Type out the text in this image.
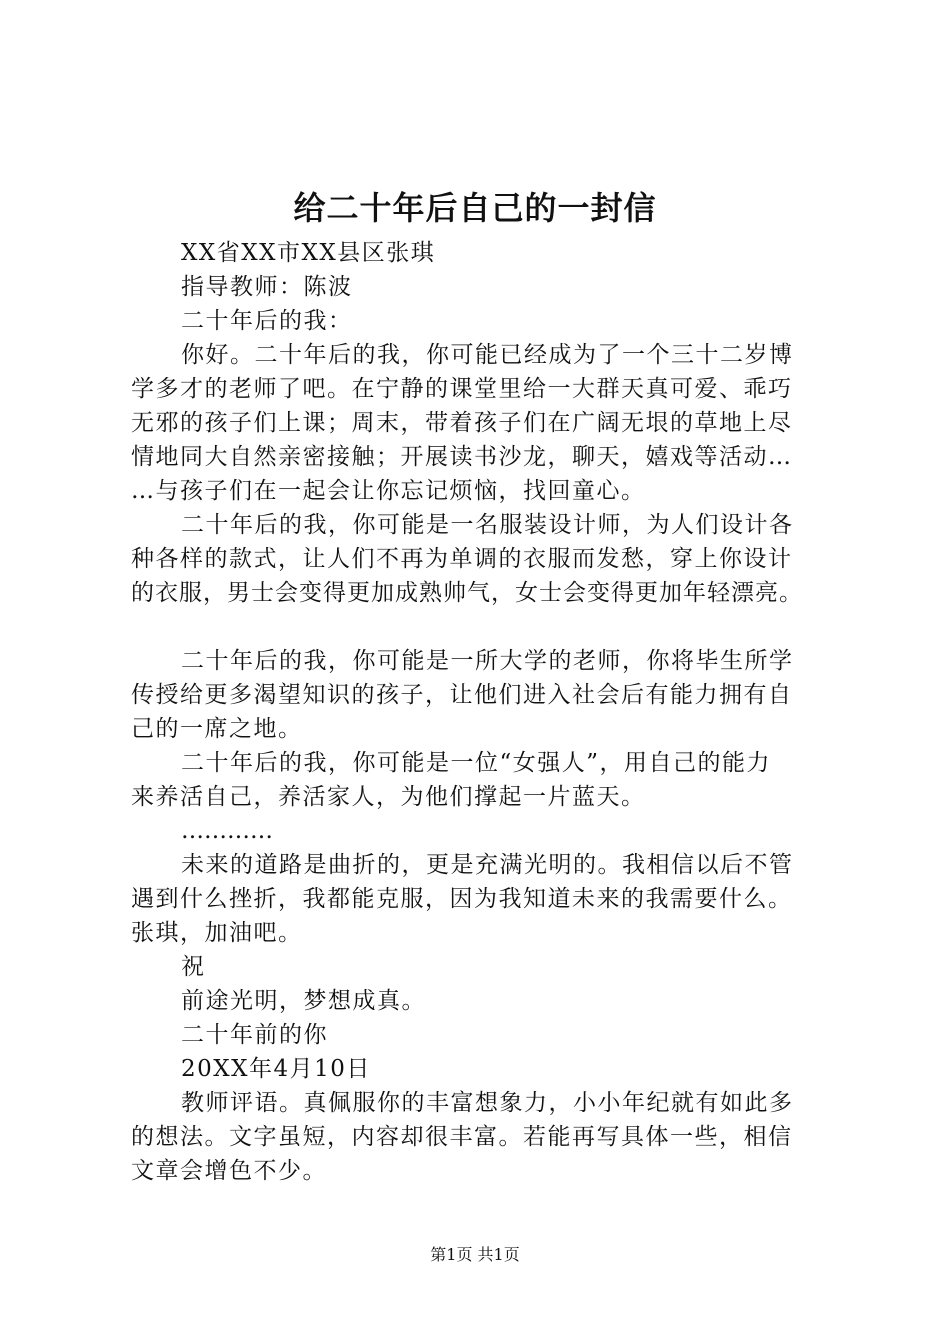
给二十年后自己的一封信

XX省XX市XX县区张琪

指导教师：陈波

二十年后的我：

你好。二十年后的我，你可能已经成为了一个三十二岁博

学多才的老师了吧。在宁静的课堂里给一大群天真可爱、乖巧

无邪的孩子们上课；周末，带着孩子们在广阔无垠的草地上尽

情地同大自然亲密接触；开展读书沙龙，聊天，嬉戏等活动…

…与孩子们在一起会让你忘记烦恼，找回童心。

二十年后的我，你可能是一名服装设计师，为人们设计各

种各样的款式，让人们不再为单调的衣服而发愁，穿上你设计

的衣服，男士会变得更加成熟帅气，女士会变得更加年轻漂亮。

二十年后的我，你可能是一所大学的老师，你将毕生所学

传授给更多渴望知识的孩子，让他们进入社会后有能力拥有自

己的一席之地。

二十年后的我，你可能是一位“女强人”，用自己的能力

来养活自己，养活家人，为他们撑起一片蓝天。

…………

未来的道路是曲折的，更是充满光明的。我相信以后不管

遇到什么挫折，我都能克服，因为我知道未来的我需要什么。

张琪，加油吧。

祝

前途光明，梦想成真。

二十年前的你

20XX年4月10日

教师评语。真佩服你的丰富想象力，小小年纪就有如此多

的想法。文字虽短，内容却很丰富。若能再写具体一些，相信

文章会增色不少。

第1页 共1页
